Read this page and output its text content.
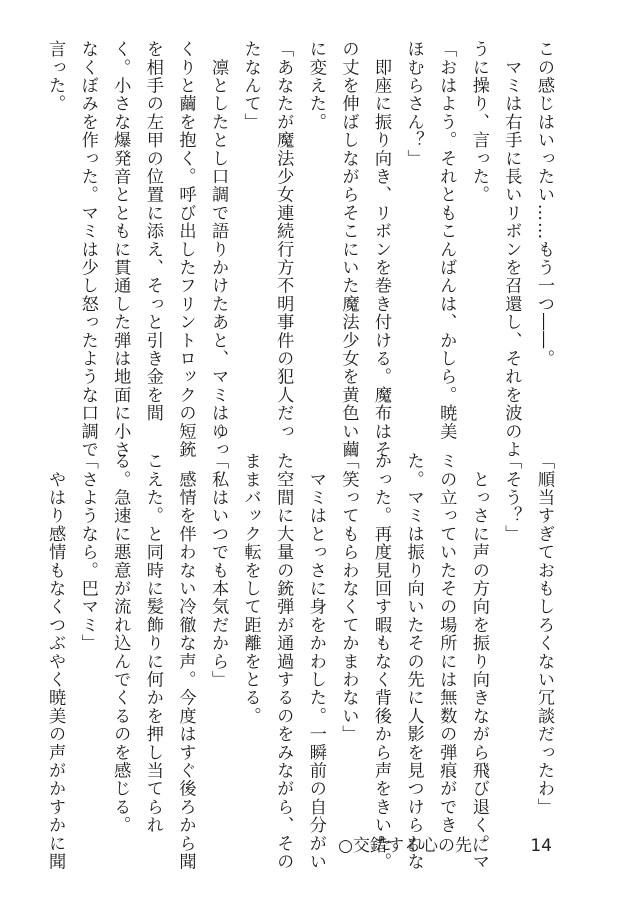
この感じはいったい……もう一つ――。
　マミは右手に長いリボンを召還し、それを波のよ
うに操り、言った。
「おはよう。それともこんばんは、かしら。暁美
ほむらさん？」
　即座に振り向き、リボンを巻き付ける。魔布はそ
の丈を伸ばしながらそこにいた魔法少女を黄色い繭
に変えた。
「あなたが魔法少女連続行方不明事件の犯人だっ
たなんて」
　凛としたとし口調で語りかけたあと、マミはゆっ
くりと繭を抱く。呼び出したフリントロックの短銃
を相手の左甲の位置に添え、そっと引き金を間
く。小さな爆発音とともに貫通した弾は地面に小さ
なくぼみを作った。マミは少し怒ったような口調で
言った。
「順当すぎておもしろくない冗談だったわ」
「そう？」
　とっさに声の方向を振り向きながら飛び退く。マ
ミの立っていたその場所には無数の弾痕ができ
た。マミは振り向いたその先に人影を見つけられな
かった。再度見回す暇もなく背後から声をきいた。
「笑ってもらわなくてかまわない」
　マミはとっさに身をかわした。一瞬前の自分がい
た空間に大量の銃弾が通過するのをみながら、その
ままバック転をして距離をとる。
「私はいつでも本気だから」
　感情を伴わない冷徹な声。今度はすぐ後ろから聞
こえた。と同時に髪飾りに何かを押し当てられ
る。急速に悪意が流れ込んでくるのを感じる。
「さようなら。巴マミ」
　やはり感情もなくつぶやく暁美の声がかすかに聞	○交錯する心の先に 14
